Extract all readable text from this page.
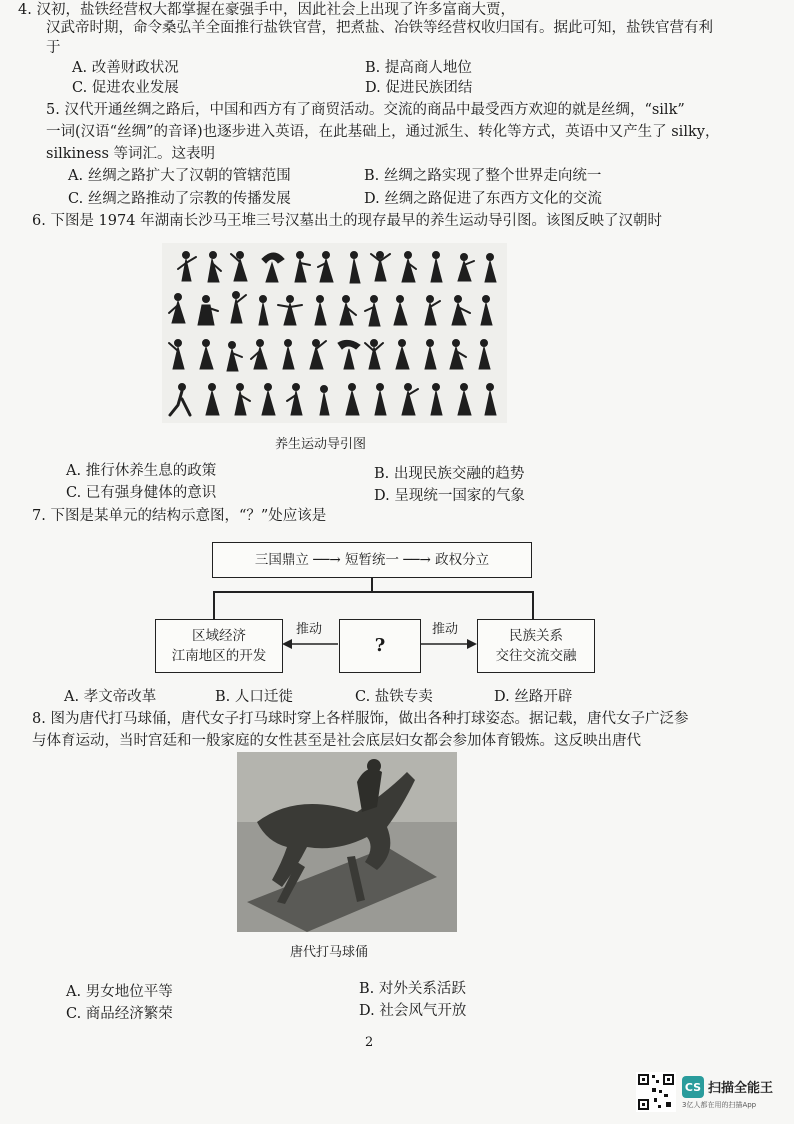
4. 汉初，盐铁经营权大都掌握在豪强手中，因此社会上出现了许多富商大贾，
汉武帝时期，命令桑弘羊全面推行盐铁官营，把煮盐、冶铁等经营权收归国有。据此可知，盐铁官营有利
于
A. 改善财政状况	B. 提高商人地位
C. 促进农业发展	D. 促进民族团结
5. 汉代开通丝绸之路后，中国和西方有了商贸活动。交流的商品中最受西方欢迎的就是丝绸，“silk”
一词(汉语“丝绸”的音译)也逐步进入英语，在此基础上，通过派生、转化等方式，英语中又产生了 silky，
silkiness 等词汇。这表明
A. 丝绸之路扩大了汉朝的管辖范围	B. 丝绸之路实现了整个世界走向统一
C. 丝绸之路推动了宗教的传播发展	D. 丝绸之路促进了东西方文化的交流
6. 下图是 1974 年湖南长沙马王堆三号汉墓出土的现存最早的养生运动导引图。该图反映了汉朝时
养生运动导引图
A. 推行休养生息的政策	B. 出现民族交融的趋势
C. 已有强身健体的意识	D. 呈现统一国家的气象
7. 下图是某单元的结构示意图，“？”处应该是
三国鼎立 ──→ 短暂统一 ──→ 政权分立
区域经济
江南地区的开发	?	民族关系
交往交流交融
推动	推动
A. 孝文帝改革	B. 人口迁徙	C. 盐铁专卖	D. 丝路开辟
8. 图为唐代打马球俑，唐代女子打马球时穿上各样服饰，做出各种打球姿态。据记载，唐代女子广泛参
与体育运动，当时宫廷和一般家庭的女性甚至是社会底层妇女都会参加体育锻炼。这反映出唐代
唐代打马球俑
A. 男女地位平等	B. 对外关系活跃
C. 商品经济繁荣	D. 社会风气开放
2
CS 扫描全能王
3亿人都在用的扫描App
